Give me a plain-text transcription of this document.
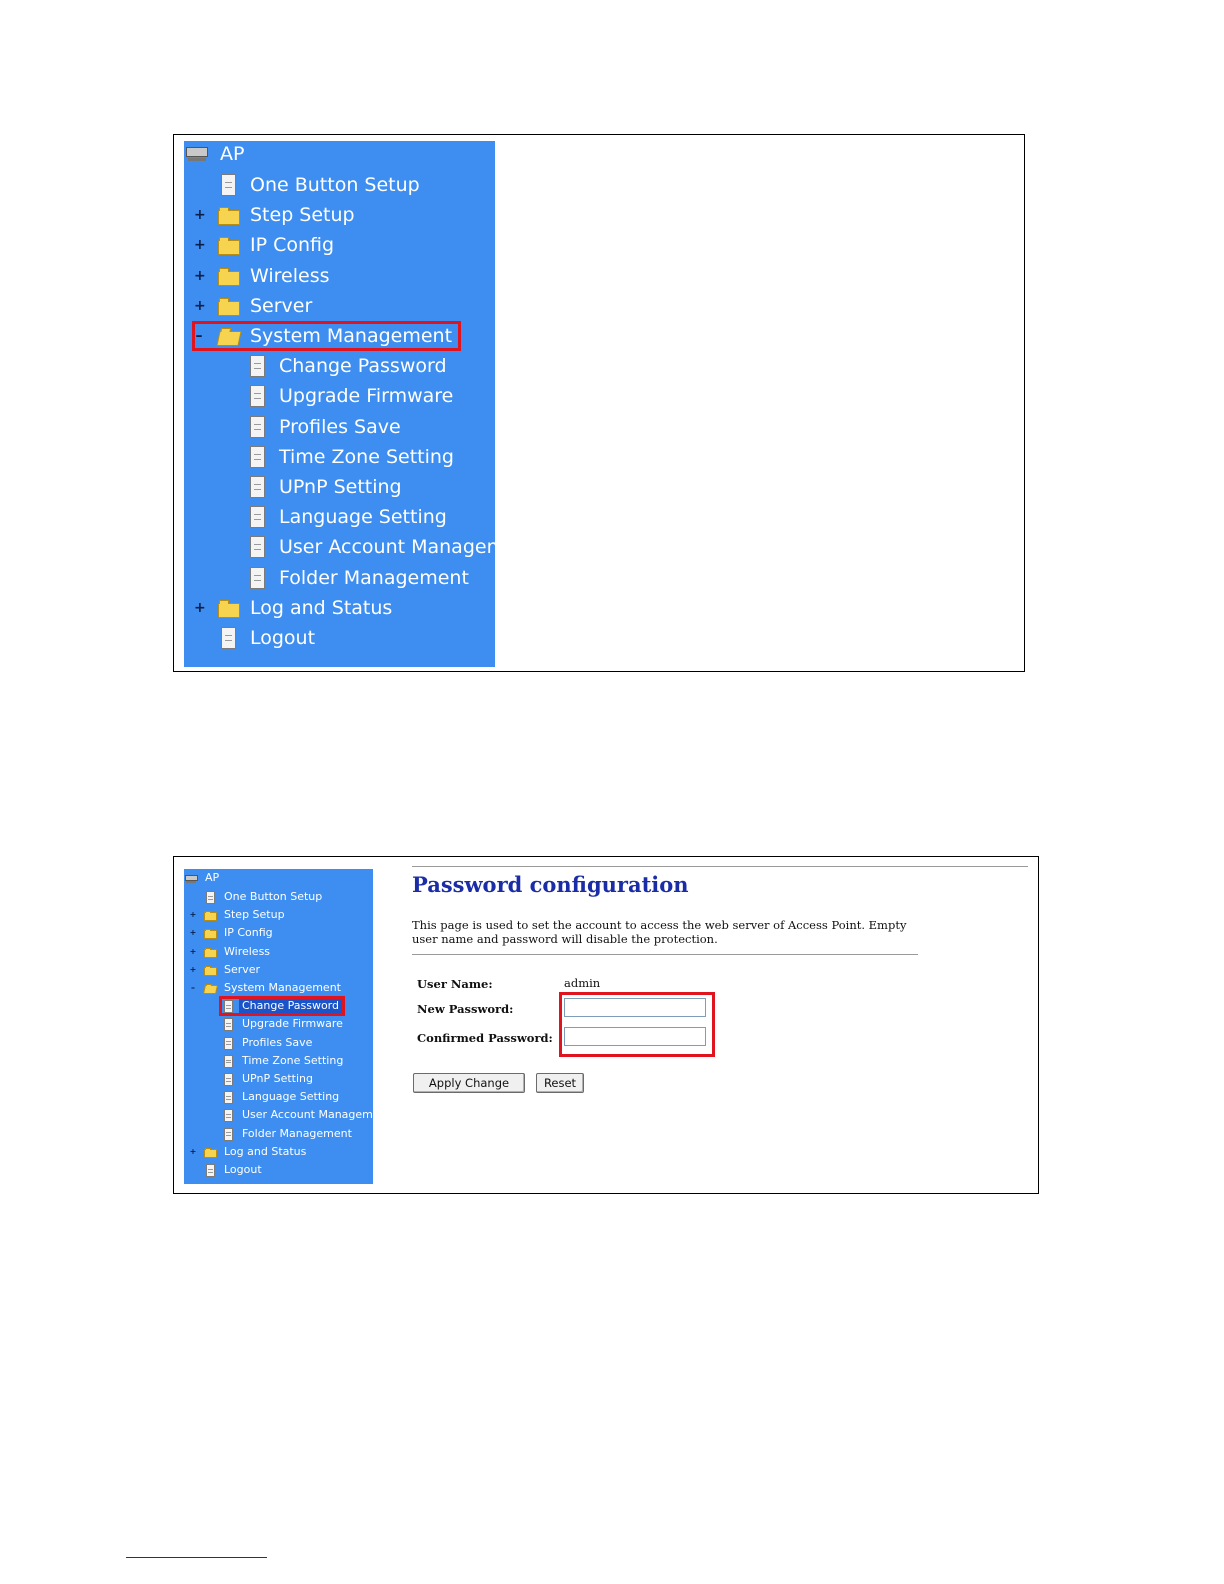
AP
One Button Setup
+ Step Setup
+ IP Config
+ Wireless
+ Server
–	System Management
Change Password
Upgrade Firmware
Profiles Save
Time Zone Setting
UPnP Setting
Language Setting
User Account Management
Folder Management
+ Log and Status
Logout
AP
One Button Setup
+	Step Setup
+	IP Config
+	Wireless
+	Server
–	System Management
Change Password
Upgrade Firmware
Profiles Save
Time Zone Setting
UPnP Setting
Language Setting
User Account Management
Folder Management
+	Log and Status
Logout
Password configuration
This page is used to set the account to access the web server of Access Point. Empty user name and password will disable the protection.
User Name:	admin
New Password:
Confirmed Password:
Apply Change	Reset
